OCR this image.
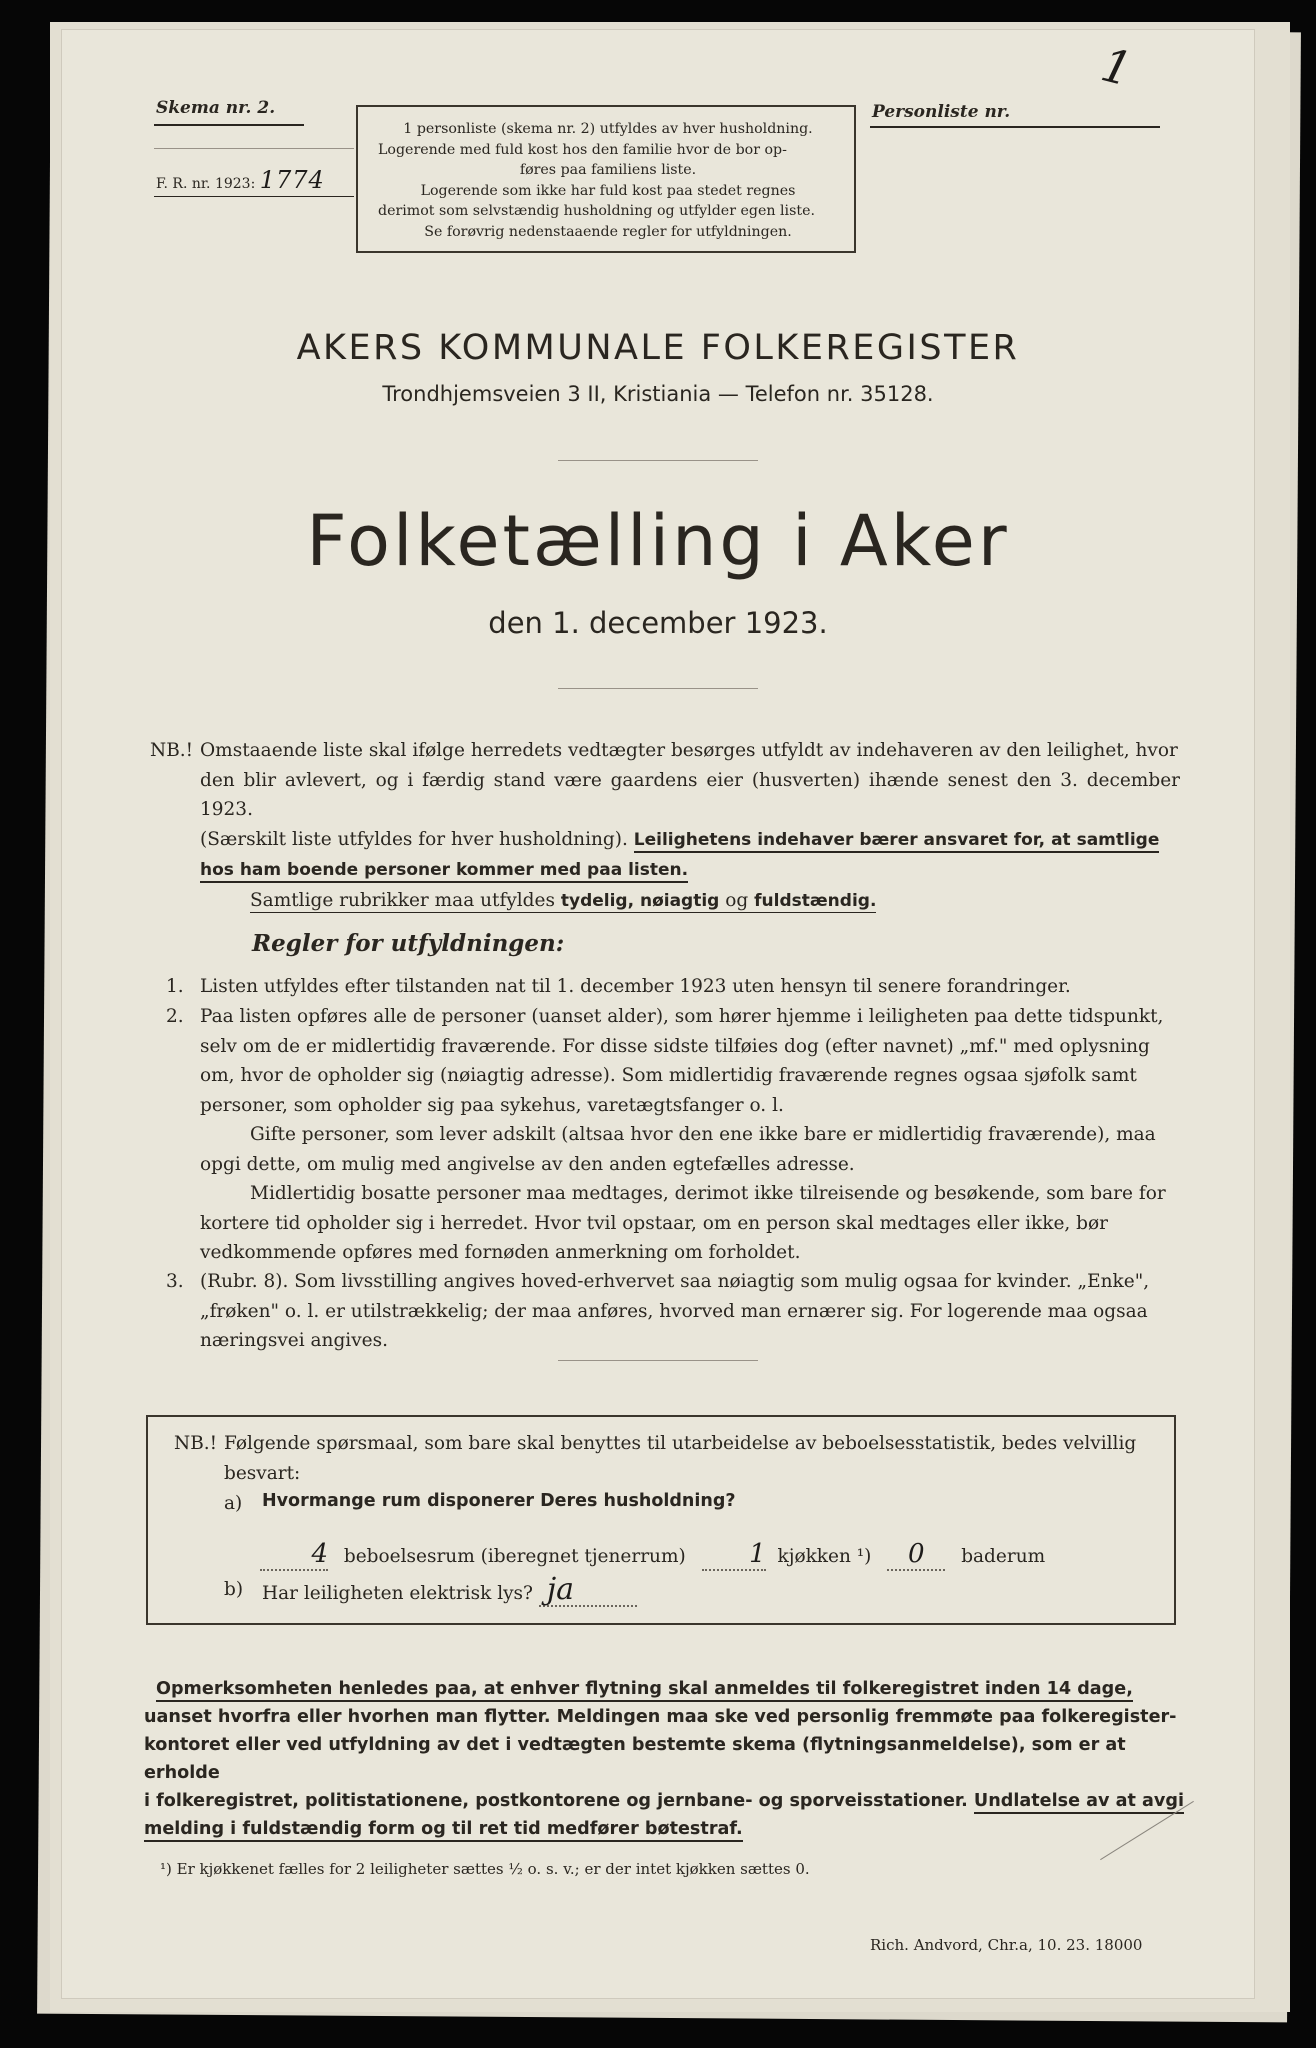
Skema nr. 2.
F. R. nr. 1923: 1774
1 personliste (skema nr. 2) utfyldes av hver husholdning.
Logerende med fuld kost hos den familie hvor de bor op-
føres paa familiens liste.
Logerende som ikke har fuld kost paa stedet regnes
derimot som selvstændig husholdning og utfylder egen liste.
Se forøvrig nedenstaaende regler for utfyldningen.
Personliste nr.
1
AKERS KOMMUNALE FOLKEREGISTER
Trondhjemsveien 3 II, Kristiania — Telefon nr. 35128.
Folketælling i Aker
den 1. december 1923.
NB.! Omstaaende liste skal ifølge herredets vedtægter besørges utfyldt av indehaveren av den leilighet, hvor
den blir avlevert, og i færdig stand være gaardens eier (husverten) ihænde senest den 3. december 1923.
(Særskilt liste utfyldes for hver husholdning). Leilighetens indehaver bærer ansvaret for, at samtlige
hos ham boende personer kommer med paa listen.
Samtlige rubrikker maa utfyldes tydelig, nøiagtig og fuldstændig.
Regler for utfyldningen:
1. Listen utfyldes efter tilstanden nat til 1. december 1923 uten hensyn til senere forandringer.
2. Paa listen opføres alle de personer (uanset alder), som hører hjemme i leiligheten paa dette tidspunkt,
selv om de er midlertidig fraværende. For disse sidste tilføies dog (efter navnet) „mf." med oplysning
om, hvor de opholder sig (nøiagtig adresse). Som midlertidig fraværende regnes ogsaa sjøfolk samt
personer, som opholder sig paa sykehus, varetægtsfanger o. l.
Gifte personer, som lever adskilt (altsaa hvor den ene ikke bare er midlertidig fraværende), maa
opgi dette, om mulig med angivelse av den anden egtefælles adresse.
Midlertidig bosatte personer maa medtages, derimot ikke tilreisende og besøkende, som bare for
kortere tid opholder sig i herredet. Hvor tvil opstaar, om en person skal medtages eller ikke, bør
vedkommende opføres med fornøden anmerkning om forholdet.
3. (Rubr. 8). Som livsstilling angives hoved-erhvervet saa nøiagtig som mulig ogsaa for kvinder. „Enke",
„frøken" o. l. er utilstrækkelig; der maa anføres, hvorved man ernærer sig. For logerende maa ogsaa
næringsvei angives.
NB.! Følgende spørsmaal, som bare skal benyttes til utarbeidelse av beboelsesstatistik, bedes velvillig
besvart:
a) Hvormange rum disponerer Deres husholdning?
4 beboelsesrum (iberegnet tjenerrum) 1 kjøkken ¹) 0 baderum
b) Har leiligheten elektrisk lys? ja
Opmerksomheten henledes paa, at enhver flytning skal anmeldes til folkeregistret inden 14 dage,
uanset hvorfra eller hvorhen man flytter. Meldingen maa ske ved personlig fremmøte paa folkeregister-
kontoret eller ved utfyldning av det i vedtægten bestemte skema (flytningsanmeldelse), som er at erholde
i folkeregistret, politistationene, postkontorene og jernbane- og sporveisstationer. Undlatelse av at avgi
melding i fuldstændig form og til ret tid medfører bøtestraf.
¹) Er kjøkkenet fælles for 2 leiligheter sættes ½ o. s. v.; er der intet kjøkken sættes 0.
Rich. Andvord, Chr.a, 10. 23. 18000
